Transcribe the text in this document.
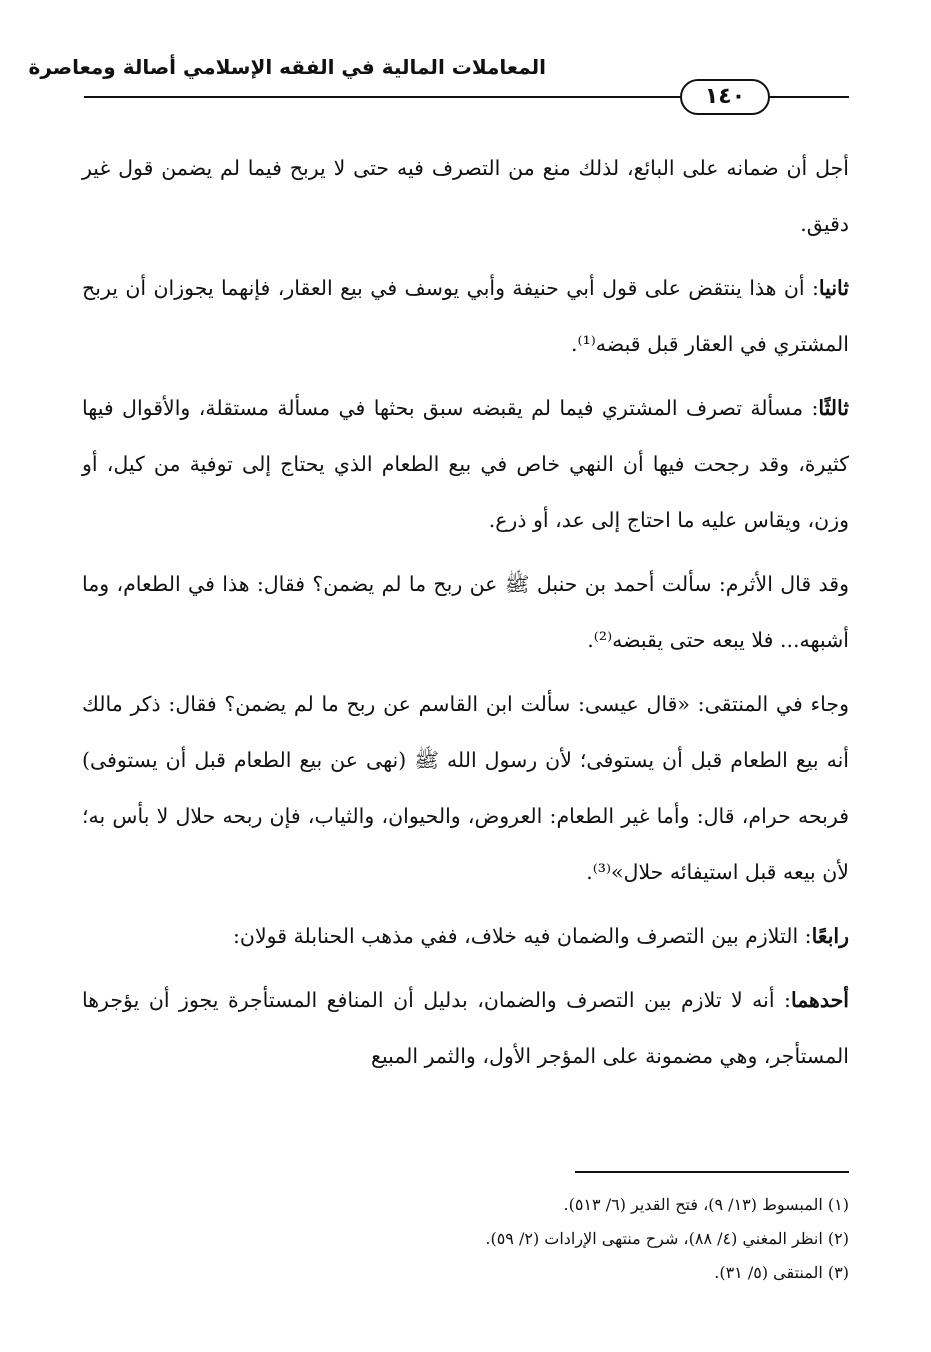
المعاملات المالية في الفقه الإسلامي أصالة ومعاصرة
١٤٠

أجل أن ضمانه على البائع، لذلك منع من التصرف فيه حتى لا يربح فيما لم يضمن قول غير دقيق.

ثانيا: أن هذا ينتقض على قول أبي حنيفة وأبي يوسف في بيع العقار، فإنهما يجوزان أن يربح المشتري في العقار قبل قبضه⁽¹⁾.

ثالثًا: مسألة تصرف المشتري فيما لم يقبضه سبق بحثها في مسألة مستقلة، والأقوال فيها كثيرة، وقد رجحت فيها أن النهي خاص في بيع الطعام الذي يحتاج إلى توفية من كيل، أو وزن، ويقاس عليه ما احتاج إلى عد، أو ذرع.

وقد قال الأثرم: سألت أحمد بن حنبل ﷺ عن ربح ما لم يضمن؟ فقال: هذا في الطعام، وما أشبهه... فلا يبعه حتى يقبضه⁽²⁾.

وجاء في المنتقى: «قال عيسى: سألت ابن القاسم عن ربح ما لم يضمن؟ فقال: ذكر مالك أنه بيع الطعام قبل أن يستوفى؛ لأن رسول الله ﷺ (نهى عن بيع الطعام قبل أن يستوفى) فربحه حرام، قال: وأما غير الطعام: العروض، والحيوان، والثياب، فإن ربحه حلال لا بأس به؛ لأن بيعه قبل استيفائه حلال»⁽³⁾.

رابعًا: التلازم بين التصرف والضمان فيه خلاف، ففي مذهب الحنابلة قولان:

أحدهما: أنه لا تلازم بين التصرف والضمان، بدليل أن المنافع المستأجرة يجوز أن يؤجرها المستأجر، وهي مضمونة على المؤجر الأول، والثمر المبيع

(١) المبسوط (١٣/ ٩)، فتح القدير (٦/ ٥١٣).
(٢) انظر المغني (٤/ ٨٨)، شرح منتهى الإرادات (٢/ ٥٩).
(٣) المنتقى (٥/ ٣١).
